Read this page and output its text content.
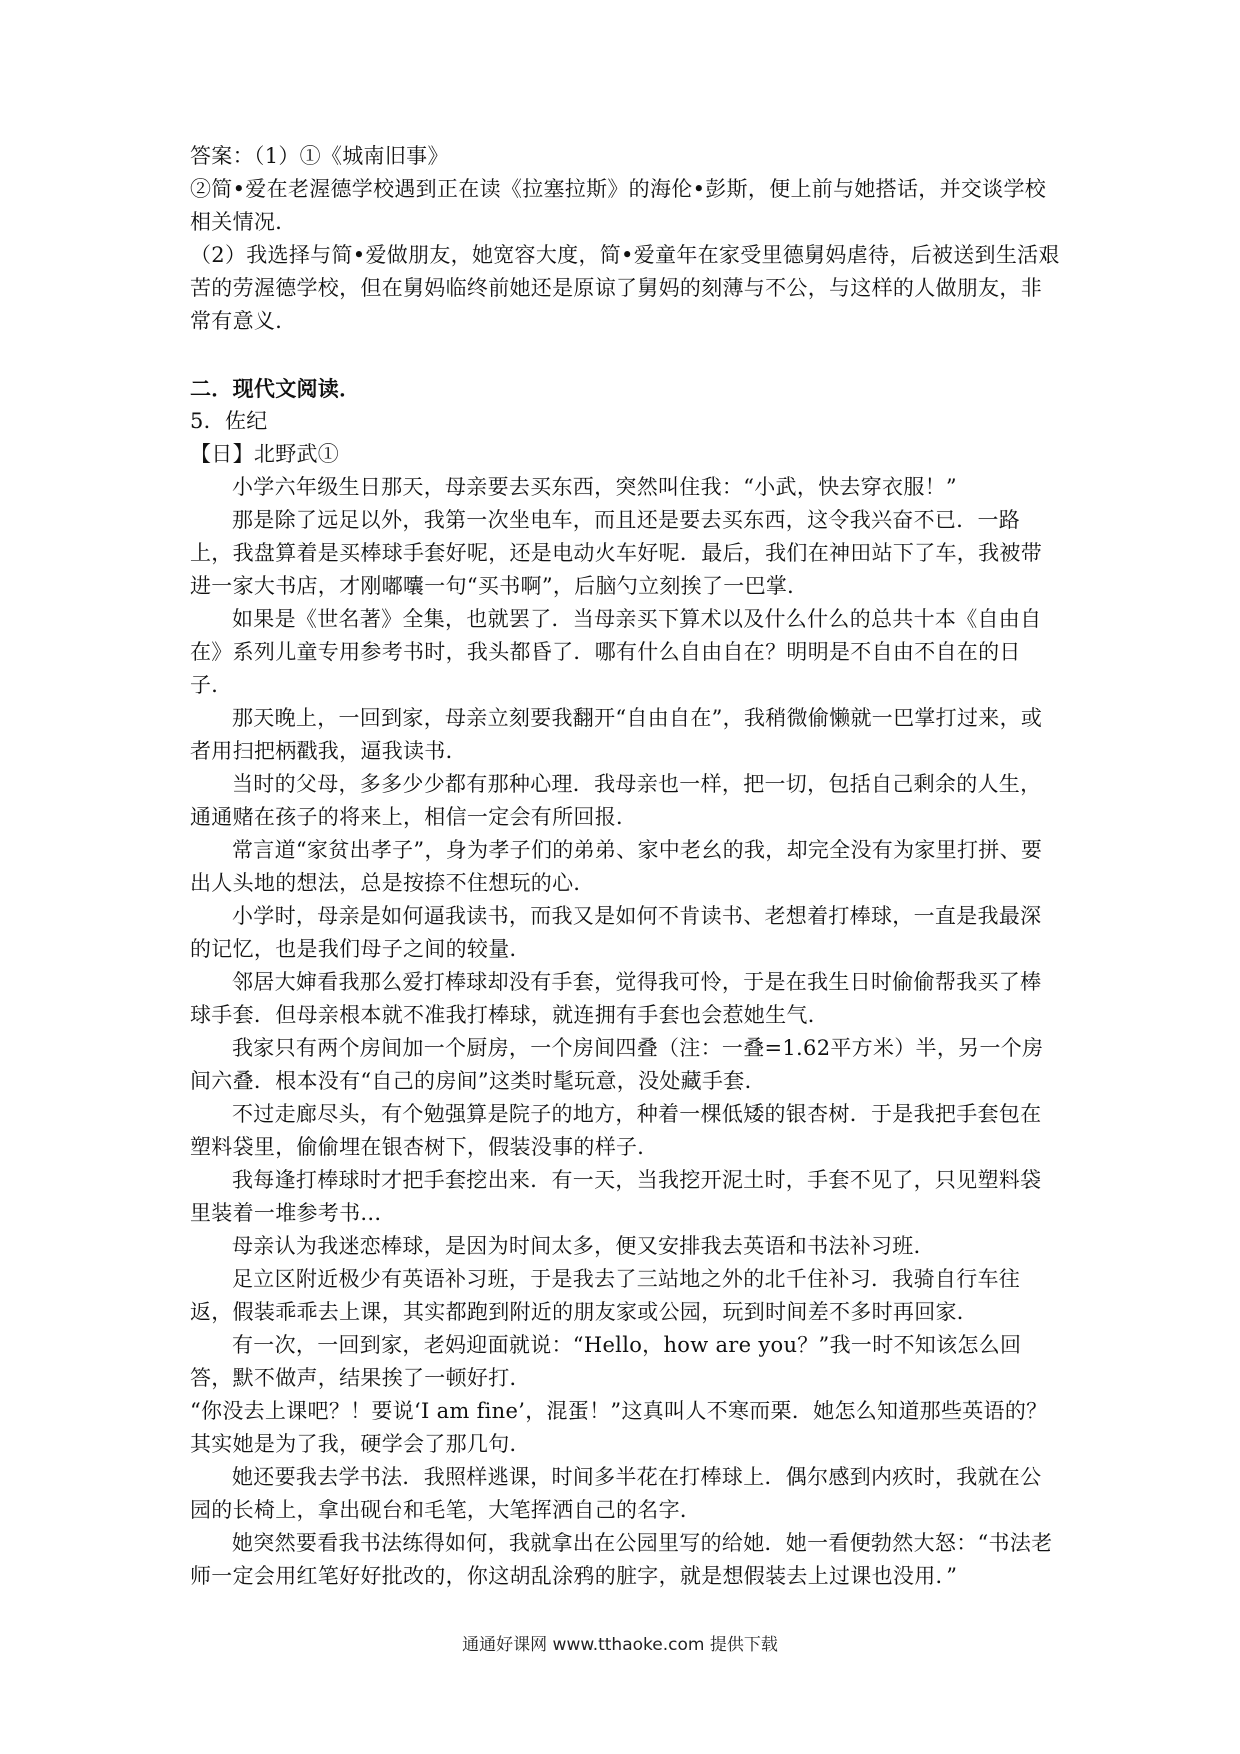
答案：（1）①《城南旧事》

②简•爱在老渥德学校遇到正在读《拉塞拉斯》的海伦•彭斯，便上前与她搭话，并交谈学校相关情况．

（2）我选择与简•爱做朋友，她宽容大度，简•爱童年在家受里德舅妈虐待，后被送到生活艰苦的劳渥德学校，但在舅妈临终前她还是原谅了舅妈的刻薄与不公，与这样的人做朋友，非常有意义．

二．现代文阅读．

5．佐纪

【日】北野武①

小学六年级生日那天，母亲要去买东西，突然叫住我：“小武，快去穿衣服！”

那是除了远足以外，我第一次坐电车，而且还是要去买东西，这令我兴奋不已．一路上，我盘算着是买棒球手套好呢，还是电动火车好呢．最后，我们在神田站下了车，我被带进一家大书店，才刚嘟囔一句“买书啊”，后脑勺立刻挨了一巴掌．

如果是《世名著》全集，也就罢了．当母亲买下算术以及什么什么的总共十本《自由自在》系列儿童专用参考书时，我头都昏了．哪有什么自由自在？明明是不自由不自在的日子．

那天晚上，一回到家，母亲立刻要我翻开“自由自在”，我稍微偷懒就一巴掌打过来，或者用扫把柄戳我，逼我读书．

当时的父母，多多少少都有那种心理．我母亲也一样，把一切，包括自己剩余的人生，通通赌在孩子的将来上，相信一定会有所回报．

常言道“家贫出孝子”，身为孝子们的弟弟、家中老幺的我，却完全没有为家里打拼、要出人头地的想法，总是按捺不住想玩的心．

小学时，母亲是如何逼我读书，而我又是如何不肯读书、老想着打棒球，一直是我最深的记忆，也是我们母子之间的较量．

邻居大婶看我那么爱打棒球却没有手套，觉得我可怜，于是在我生日时偷偷帮我买了棒球手套．但母亲根本就不准我打棒球，就连拥有手套也会惹她生气．

我家只有两个房间加一个厨房，一个房间四叠（注：一叠=1.62平方米）半，另一个房间六叠．根本没有“自己的房间”这类时髦玩意，没处藏手套．

不过走廊尽头，有个勉强算是院子的地方，种着一棵低矮的银杏树．于是我把手套包在塑料袋里，偷偷埋在银杏树下，假装没事的样子．

我每逢打棒球时才把手套挖出来．有一天，当我挖开泥土时，手套不见了，只见塑料袋里装着一堆参考书...

母亲认为我迷恋棒球，是因为时间太多，便又安排我去英语和书法补习班．

足立区附近极少有英语补习班，于是我去了三站地之外的北千住补习．我骑自行车往返，假装乖乖去上课，其实都跑到附近的朋友家或公园，玩到时间差不多时再回家．

有一次，一回到家，老妈迎面就说：“Hello，how are you？”我一时不知该怎么回答，默不做声，结果挨了一顿好打．

“你没去上课吧？！要说‘I am fine’，混蛋！”这真叫人不寒而栗．她怎么知道那些英语的？其实她是为了我，硬学会了那几句．

她还要我去学书法．我照样逃课，时间多半花在打棒球上．偶尔感到内疚时，我就在公园的长椅上，拿出砚台和毛笔，大笔挥洒自己的名字．

她突然要看我书法练得如何，我就拿出在公园里写的给她．她一看便勃然大怒：“书法老师一定会用红笔好好批改的，你这胡乱涂鸦的脏字，就是想假装去上过课也没用．”

通通好课网 www.tthaoke.com 提供下载
